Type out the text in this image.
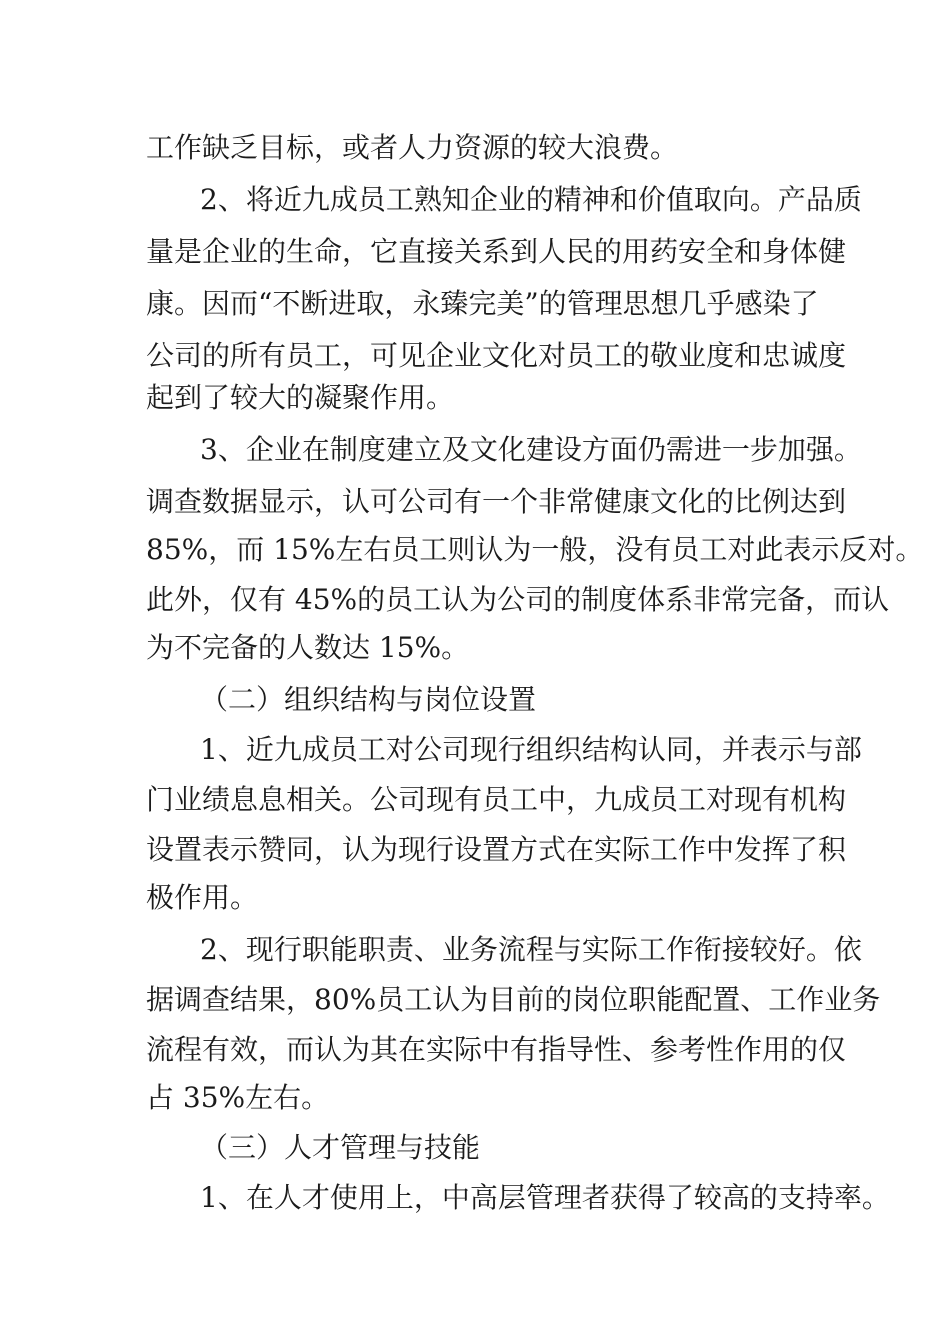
工作缺乏目标，或者人力资源的较大浪费。
2、将近九成员工熟知企业的精神和价值取向。产品质
量是企业的生命，它直接关系到人民的用药安全和身体健
康。因而“不断进取，永臻完美”的管理思想几乎感染了
公司的所有员工，可见企业文化对员工的敬业度和忠诚度
起到了较大的凝聚作用。
3、企业在制度建立及文化建设方面仍需进一步加强。
调查数据显示，认可公司有一个非常健康文化的比例达到
85%，而 15%左右员工则认为一般，没有员工对此表示反对。
此外，仅有 45%的员工认为公司的制度体系非常完备，而认
为不完备的人数达 15%。
（二）组织结构与岗位设置
1、近九成员工对公司现行组织结构认同，并表示与部
门业绩息息相关。公司现有员工中，九成员工对现有机构
设置表示赞同，认为现行设置方式在实际工作中发挥了积
极作用。
2、现行职能职责、业务流程与实际工作衔接较好。依
据调查结果，80%员工认为目前的岗位职能配置、工作业务
流程有效，而认为其在实际中有指导性、参考性作用的仅
占 35%左右。
（三）人才管理与技能
1、在人才使用上，中高层管理者获得了较高的支持率。
